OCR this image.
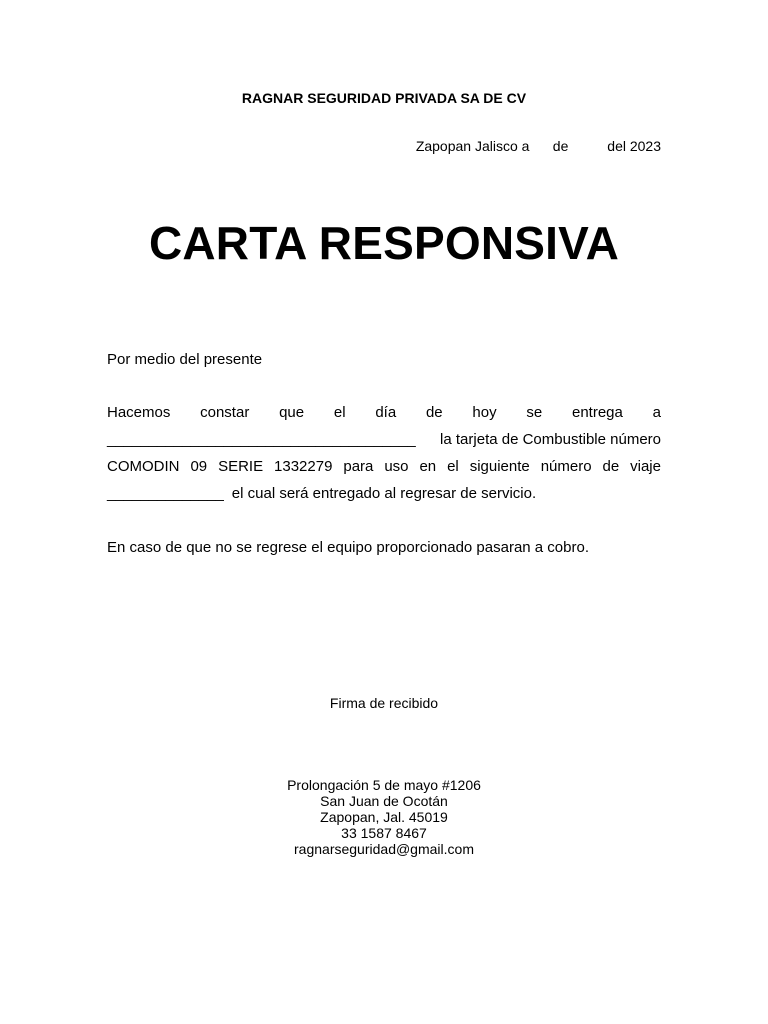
RAGNAR SEGURIDAD PRIVADA SA DE CV
Zapopan Jalisco a de	del 2023
CARTA RESPONSIVA
Por medio del presente
Hacemos constar que el día de hoy se entrega a
_____________________________________ la tarjeta de Combustible número
COMODIN 09 SERIE 1332279 para uso en el siguiente número de viaje
______________ el cual será entregado al regresar de servicio.
En caso de que no se regrese el equipo proporcionado pasaran a cobro.
Firma de recibido
Prolongación 5 de mayo #1206
San Juan de Ocotán
Zapopan, Jal. 45019
33 1587 8467
ragnarseguridad@gmail.com
